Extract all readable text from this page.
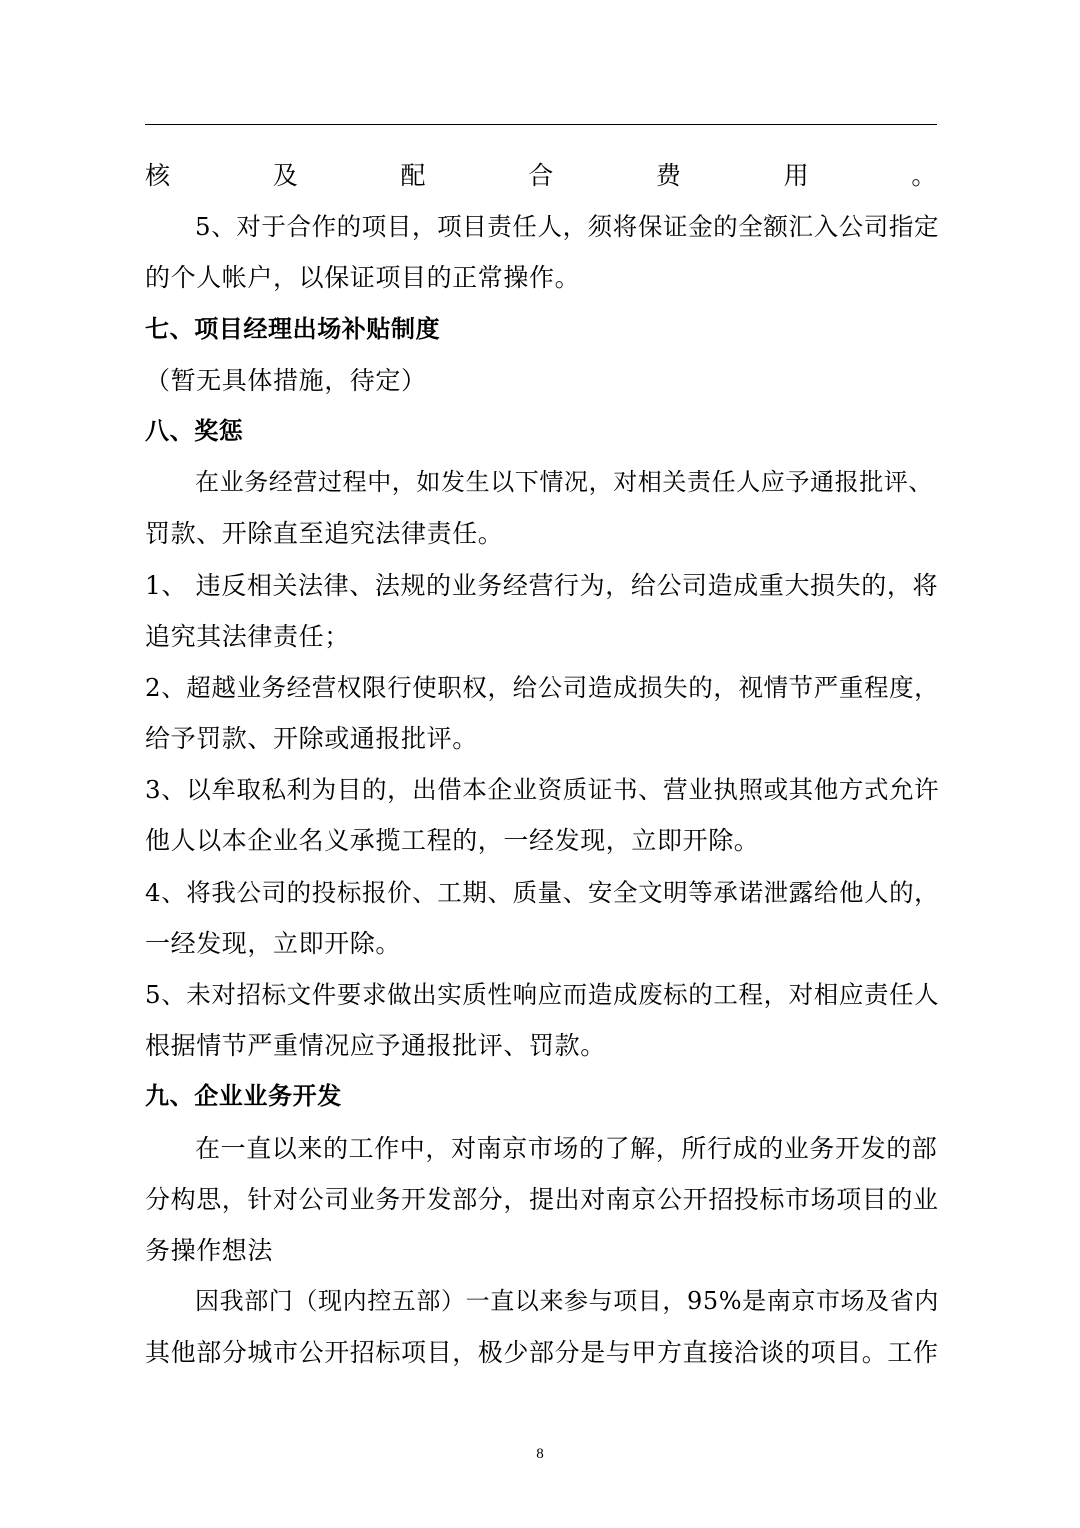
核及配合费用。
5、对于合作的项目，项目责任人，须将保证金的全额汇入公司指定
的个人帐户，以保证项目的正常操作。
七、项目经理出场补贴制度
（暂无具体措施，待定）
八、奖惩
在业务经营过程中，如发生以下情况，对相关责任人应予通报批评、
罚款、开除直至追究法律责任。
1、 违反相关法律、法规的业务经营行为，给公司造成重大损失的，将
追究其法律责任；
2、超越业务经营权限行使职权，给公司造成损失的，视情节严重程度，
给予罚款、开除或通报批评。
3、以牟取私利为目的，出借本企业资质证书、营业执照或其他方式允许
他人以本企业名义承揽工程的，一经发现，立即开除。
4、将我公司的投标报价、工期、质量、安全文明等承诺泄露给他人的，
一经发现，立即开除。
5、未对招标文件要求做出实质性响应而造成废标的工程，对相应责任人
根据情节严重情况应予通报批评、罚款。
九、企业业务开发
在一直以来的工作中，对南京市场的了解，所行成的业务开发的部
分构思，针对公司业务开发部分，提出对南京公开招投标市场项目的业
务操作想法
因我部门（现内控五部）一直以来参与项目，95%是南京市场及省内
其他部分城市公开招标项目，极少部分是与甲方直接洽谈的项目。工作
8
